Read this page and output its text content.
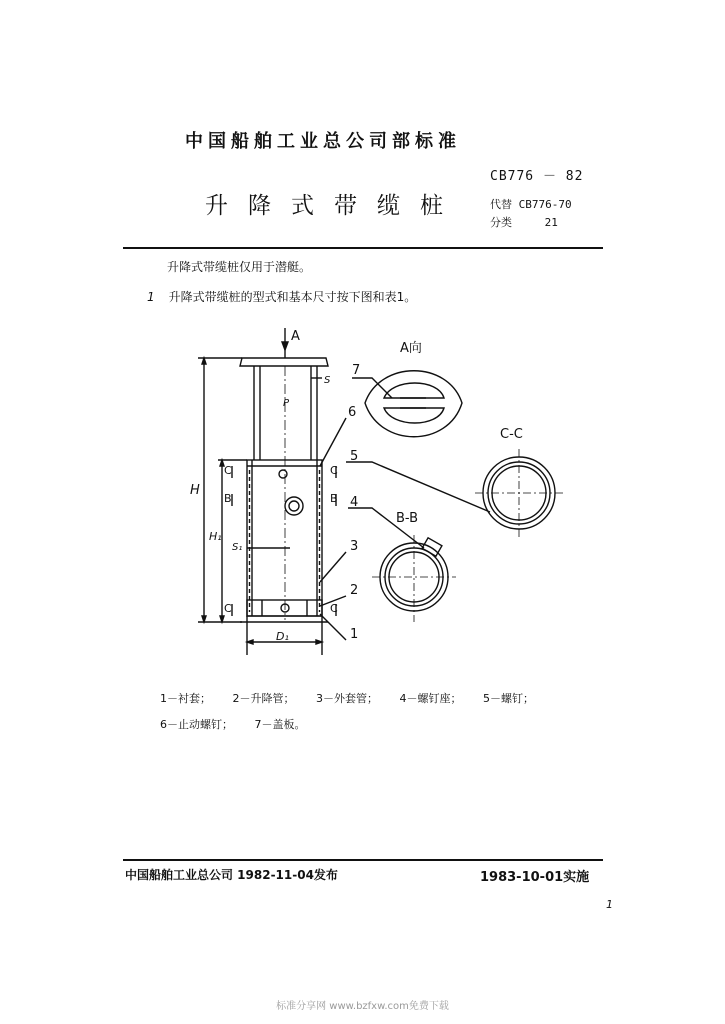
中国船舶工业总公司部标准
CB776 － 82
升降式带缆桩 代替 CB776-70
分类	21
升降式带缆桩仅用于潜艇。
1 升降式带缆桩的型式和基本尺寸按下图和表1。
A
A向
C-C
B-B
H
H₁
D₁
S
S₁
P
C	C
B	B
C	C
7
6
5
4
3
2
1
1－衬套； 2－升降管； 3－外套管； 4－螺钉座； 5－螺钉；
6－止动螺钉； 7－盖板。
中国船舶工业总公司 1982-11-04发布	1983-10-01实施
1
标准分享网 www.bzfxw.com免费下载
